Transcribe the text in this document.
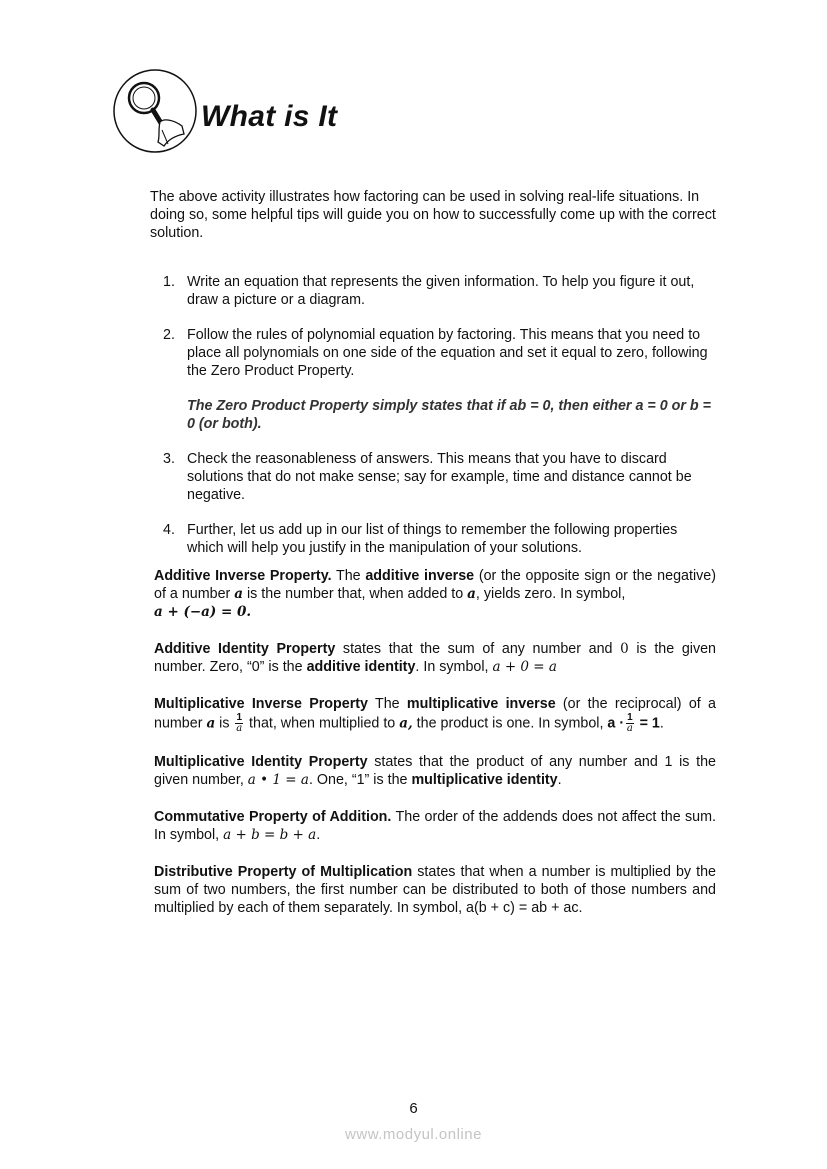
What is It

The above activity illustrates how factoring can be used in solving real-life situations. In doing so, some helpful tips will guide you on how to successfully come up with the correct solution.

1. Write an equation that represents the given information. To help you figure it out, draw a picture or a diagram.
2. Follow the rules of polynomial equation by factoring. This means that you need to place all polynomials on one side of the equation and set it equal to zero, following the Zero Product Property.
The Zero Product Property simply states that if ab = 0, then either a = 0 or b = 0 (or both).
3. Check the reasonableness of answers. This means that you have to discard solutions that do not make sense; say for example, time and distance cannot be negative.
4. Further, let us add up in our list of things to remember the following properties which will help you justify in the manipulation of your solutions.

Additive Inverse Property. The additive inverse (or the opposite sign or the negative) of a number a is the number that, when added to a, yields zero. In symbol,
a + (−a) = 0.

Additive Identity Property states that the sum of any number and 0 is the given number. Zero, “0” is the additive identity. In symbol, a + 0 = a

Multiplicative Inverse Property The multiplicative inverse (or the reciprocal) of a number a is $\frac{1}{a}$ that, when multiplied to a, the product is one. In symbol, $a \cdot \frac{1}{a} = 1$.

Multiplicative Identity Property states that the product of any number and 1 is the given number, a • 1 = a. One, “1” is the multiplicative identity.

Commutative Property of Addition. The order of the addends does not affect the sum. In symbol, a + b = b + a.

Distributive Property of Multiplication states that when a number is multiplied by the sum of two numbers, the first number can be distributed to both of those numbers and multiplied by each of them separately. In symbol, a(b + c) = ab + ac.

6
www.modyul.online
